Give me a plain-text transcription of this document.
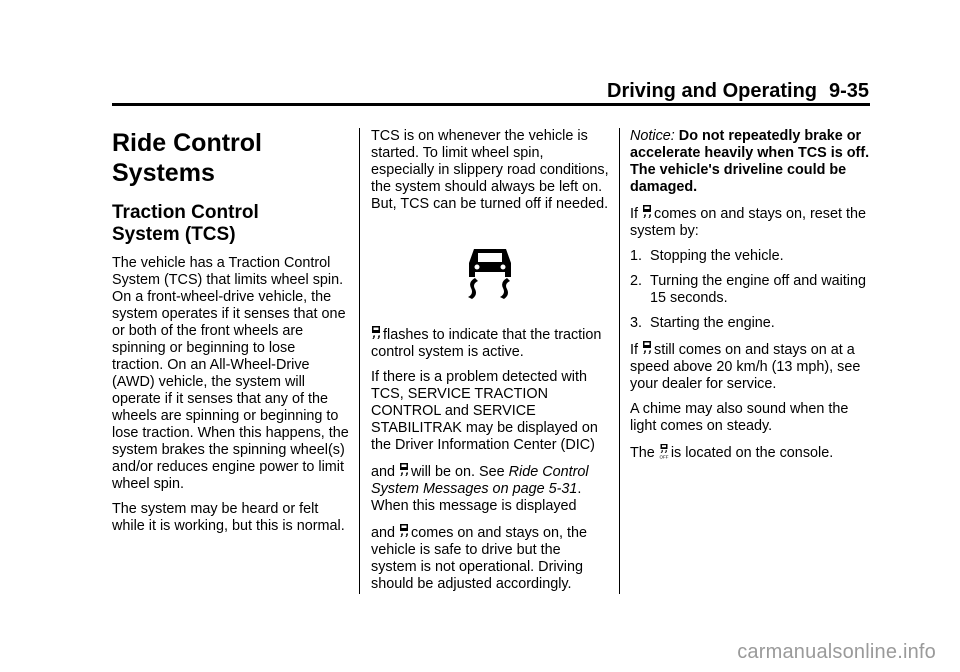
Driving and Operating 9-35
Ride Control Systems
Traction Control
System (TCS)

The vehicle has a Traction Control System (TCS) that limits wheel spin. On a front-wheel-drive vehicle, the system operates if it senses that one or both of the front wheels are spinning or beginning to lose traction. On an All-Wheel-Drive (AWD) vehicle, the system will operate if it senses that any of the wheels are spinning or beginning to lose traction. When this happens, the system brakes the spinning wheel(s) and/or reduces engine power to limit wheel spin.

The system may be heard or felt while it is working, but this is normal.

TCS is on whenever the vehicle is started. To limit wheel spin, especially in slippery road conditions, the system should always be left on. But, TCS can be turned off if needed.

flashes to indicate that the traction control system is active.

If there is a problem detected with TCS, SERVICE TRACTION CONTROL and SERVICE STABILITRAK may be displayed on the Driver Information Center (DIC)

and will be on. See Ride Control System Messages on page 5-31. When this message is displayed

and comes on and stays on, the vehicle is safe to drive but the system is not operational. Driving should be adjusted accordingly.

Notice: Do not repeatedly brake or accelerate heavily when TCS is off. The vehicle's driveline could be damaged.

If comes on and stays on, reset the system by:

1. Stopping the vehicle.
2. Turning the engine off and waiting 15 seconds.
3. Starting the engine.

If still comes on and stays on at a speed above 20 km/h (13 mph), see your dealer for service.

A chime may also sound when the light comes on steady.

The OFF is located on the console.

carmanualsonline.info
